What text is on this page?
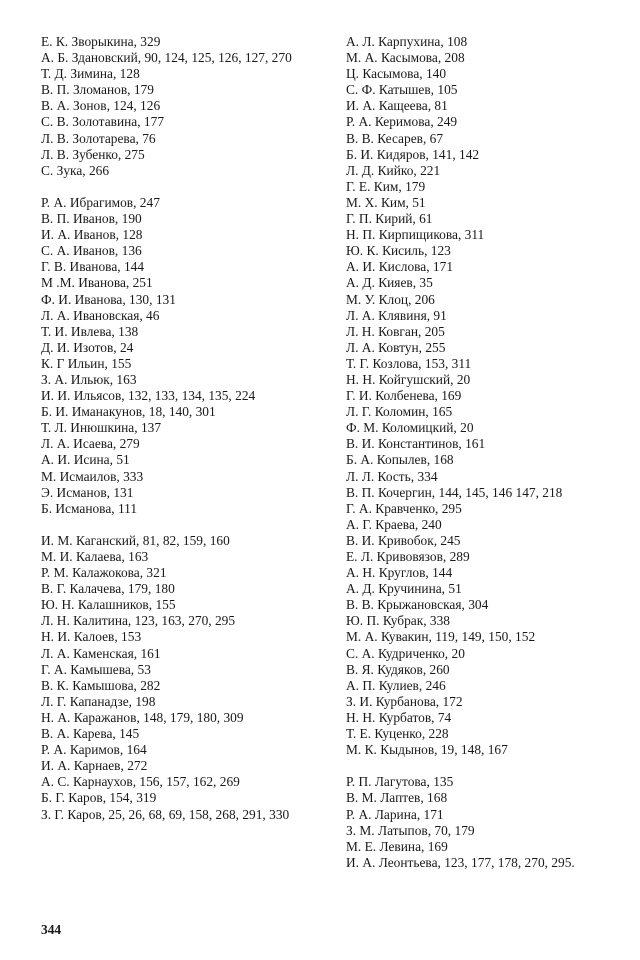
Е. К. Зворыкина, 329
А. Б. Здановский, 90, 124, 125, 126, 127, 270
Т. Д. Зимина, 128
В. П. Зломанов, 179
В. А. Зонов, 124, 126
С. В. Золотавина, 177
Л. В. Золотарева, 76
Л. В. Зубенко, 275
С. Зука, 266
Р. А. Ибрагимов, 247
В. П. Иванов, 190
И. А. Иванов, 128
С. А. Иванов, 136
Г. В. Иванова, 144
М .М. Иванова, 251
Ф. И. Иванова, 130, 131
Л. А. Ивановская, 46
Т. И. Ивлева, 138
Д. И. Изотов, 24
К. Г Ильин, 155
З. А. Ильюк, 163
И. И. Ильясов, 132, 133, 134, 135, 224
Б. И. Иманакунов, 18, 140, 301
Т. Л. Инюшкина, 137
Л. А. Исаева, 279
А. И. Исина, 51
М. Исмаилов, 333
Э. Исманов, 131
Б. Исманова, 111
И. М. Каганский, 81, 82, 159, 160
М. И. Калаева, 163
Р. М. Калажокова, 321
В. Г. Калачева, 179, 180
Ю. Н. Калашников, 155
Л. Н. Калитина, 123, 163, 270, 295
Н. И. Калоев, 153
Л. А. Каменская, 161
Г. А. Камышева, 53
В. К. Камышова, 282
Л. Г. Капанадзе, 198
Н. А. Каражанов, 148, 179, 180, 309
В. А. Карева, 145
Р. А. Каримов, 164
И. А. Карнаев, 272
А. С. Карнаухов, 156, 157, 162, 269
Б. Г. Каров, 154, 319
З. Г. Каров, 25, 26, 68, 69, 158, 268, 291, 330
А. Л. Карпухина, 108
М. А. Касымова, 208
Ц. Касымова, 140
С. Ф. Катышев, 105
И. А. Кащеева, 81
Р. А. Керимова, 249
В. В. Кесарев, 67
Б. И. Кидяров, 141, 142
Л. Д. Кийко, 221
Г. Е. Ким, 179
М. Х. Ким, 51
Г. П. Кирий, 61
Н. П. Кирпищикова, 311
Ю. К. Кисиль, 123
А. И. Кислова, 171
А. Д. Кияев, 35
М. У. Клоц, 206
Л. А. Клявиня, 91
Л. Н. Ковган, 205
Л. А. Ковтун, 255
Т. Г. Козлова, 153, 311
Н. Н. Койгушский, 20
Г. И. Колбенева, 169
Л. Г. Коломин, 165
Ф. М. Коломицкий, 20
В. И. Константинов, 161
Б. А. Копылев, 168
Л. Л. Кость, 334
В. П. Кочергин, 144, 145, 146 147, 218
Г. А. Кравченко, 295
А. Г. Краева, 240
В. И. Кривобок, 245
Е. Л. Кривовязов, 289
А. Н. Круглов, 144
А. Д. Кручинина, 51
В. В. Крыжановская, 304
Ю. П. Кубрак, 338
М. А. Кувакин, 119, 149, 150, 152
С. А. Кудриченко, 20
В. Я. Кудяков, 260
А. П. Кулиев, 246
З. И. Курбанова, 172
Н. Н. Курбатов, 74
Т. Е. Куценко, 228
М. К. Кыдынов, 19, 148, 167
Р. П. Лагутова, 135
В. М. Лаптев, 168
Р. А. Ларина, 171
З. М. Латыпов, 70, 179
М. Е. Левина, 169
И. А. Леонтьева, 123, 177, 178, 270, 295.
344
